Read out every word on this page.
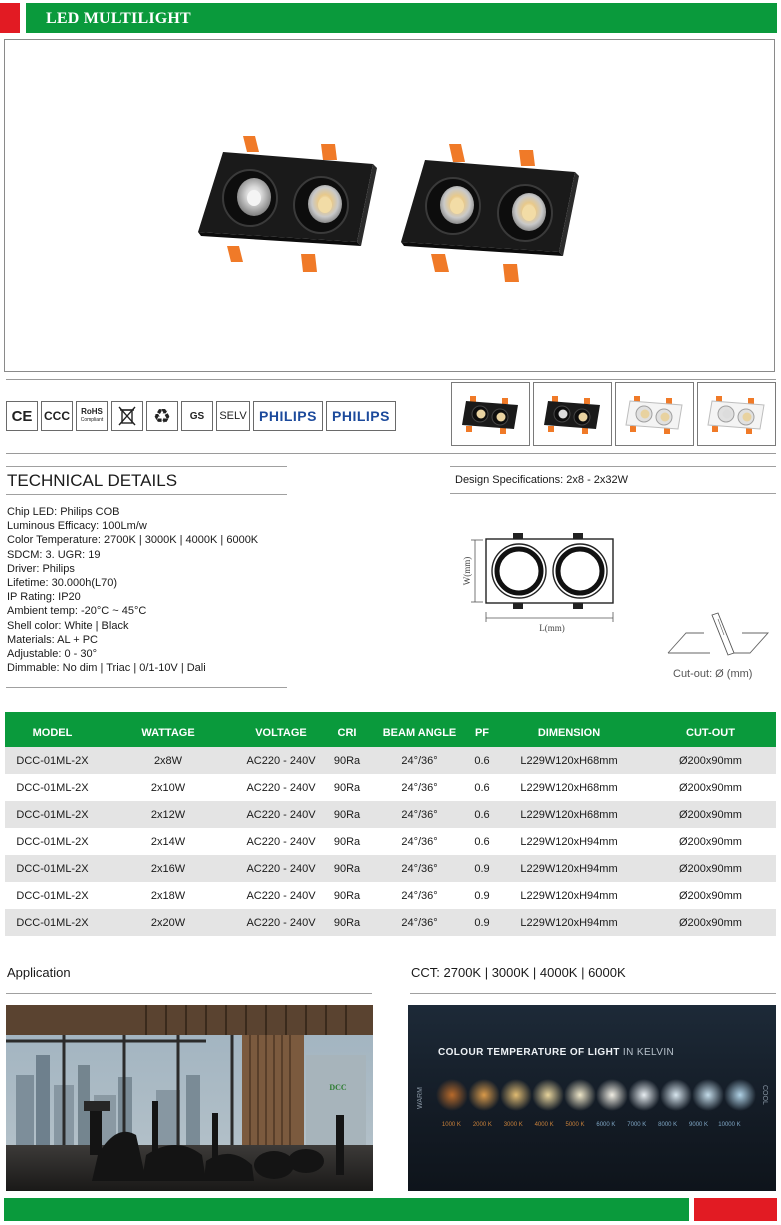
LED MULTILIGHT
CE CCC	RoHS
Compliant	♻	GS	SELV PHILIPS	PHILIPS
TECHNICAL DETAILS
Chip LED: Philips COB
Luminous Efficacy: 100Lm/w
Color Temperature: 2700K | 3000K | 4000K | 6000K
SDCM: 3. UGR: 19
Driver: Philips
Lifetime: 30.000h(L70)
IP Rating: IP20
Ambient temp: -20°C ~ 45°C
Shell color: White | Black
Materials: AL + PC
Adjustable: 0 - 30°
Dimmable: No dim | Triac | 0/1-10V | Dali
Design Specifications: 2x8 - 2x32W
W(mm)
L(mm)
Cut-out: Ø (mm)
MODEL	WATTAGE	VOLTAGE	CRI	BEAM ANGLE	PF	DIMENSION	CUT-OUT
DCC-01ML-2X	2x8W	AC220 - 240V	90Ra	24°/36°	0.6	L229W120xH68mm	Ø200x90mm
DCC-01ML-2X	2x10W	AC220 - 240V	90Ra	24°/36°	0.6	L229W120xH68mm	Ø200x90mm
DCC-01ML-2X	2x12W	AC220 - 240V	90Ra	24°/36°	0.6	L229W120xH68mm	Ø200x90mm
DCC-01ML-2X	2x14W	AC220 - 240V	90Ra	24°/36°	0.6	L229W120xH94mm	Ø200x90mm
DCC-01ML-2X	2x16W	AC220 - 240V	90Ra	24°/36°	0.9	L229W120xH94mm	Ø200x90mm
DCC-01ML-2X	2x18W	AC220 - 240V	90Ra	24°/36°	0.9	L229W120xH94mm	Ø200x90mm
DCC-01ML-2X	2x20W	AC220 - 240V	90Ra	24°/36°	0.9	L229W120xH94mm	Ø200x90mm
Application	CCT: 2700K | 3000K | 4000K | 6000K
DCC
COLOUR TEMPERATURE OF LIGHT IN KELVIN
WARM	COOL
1000 K	2000 K	3000 K	4000 K	5000 K	6000 K	7000 K	8000 K	9000 K	10000 K
